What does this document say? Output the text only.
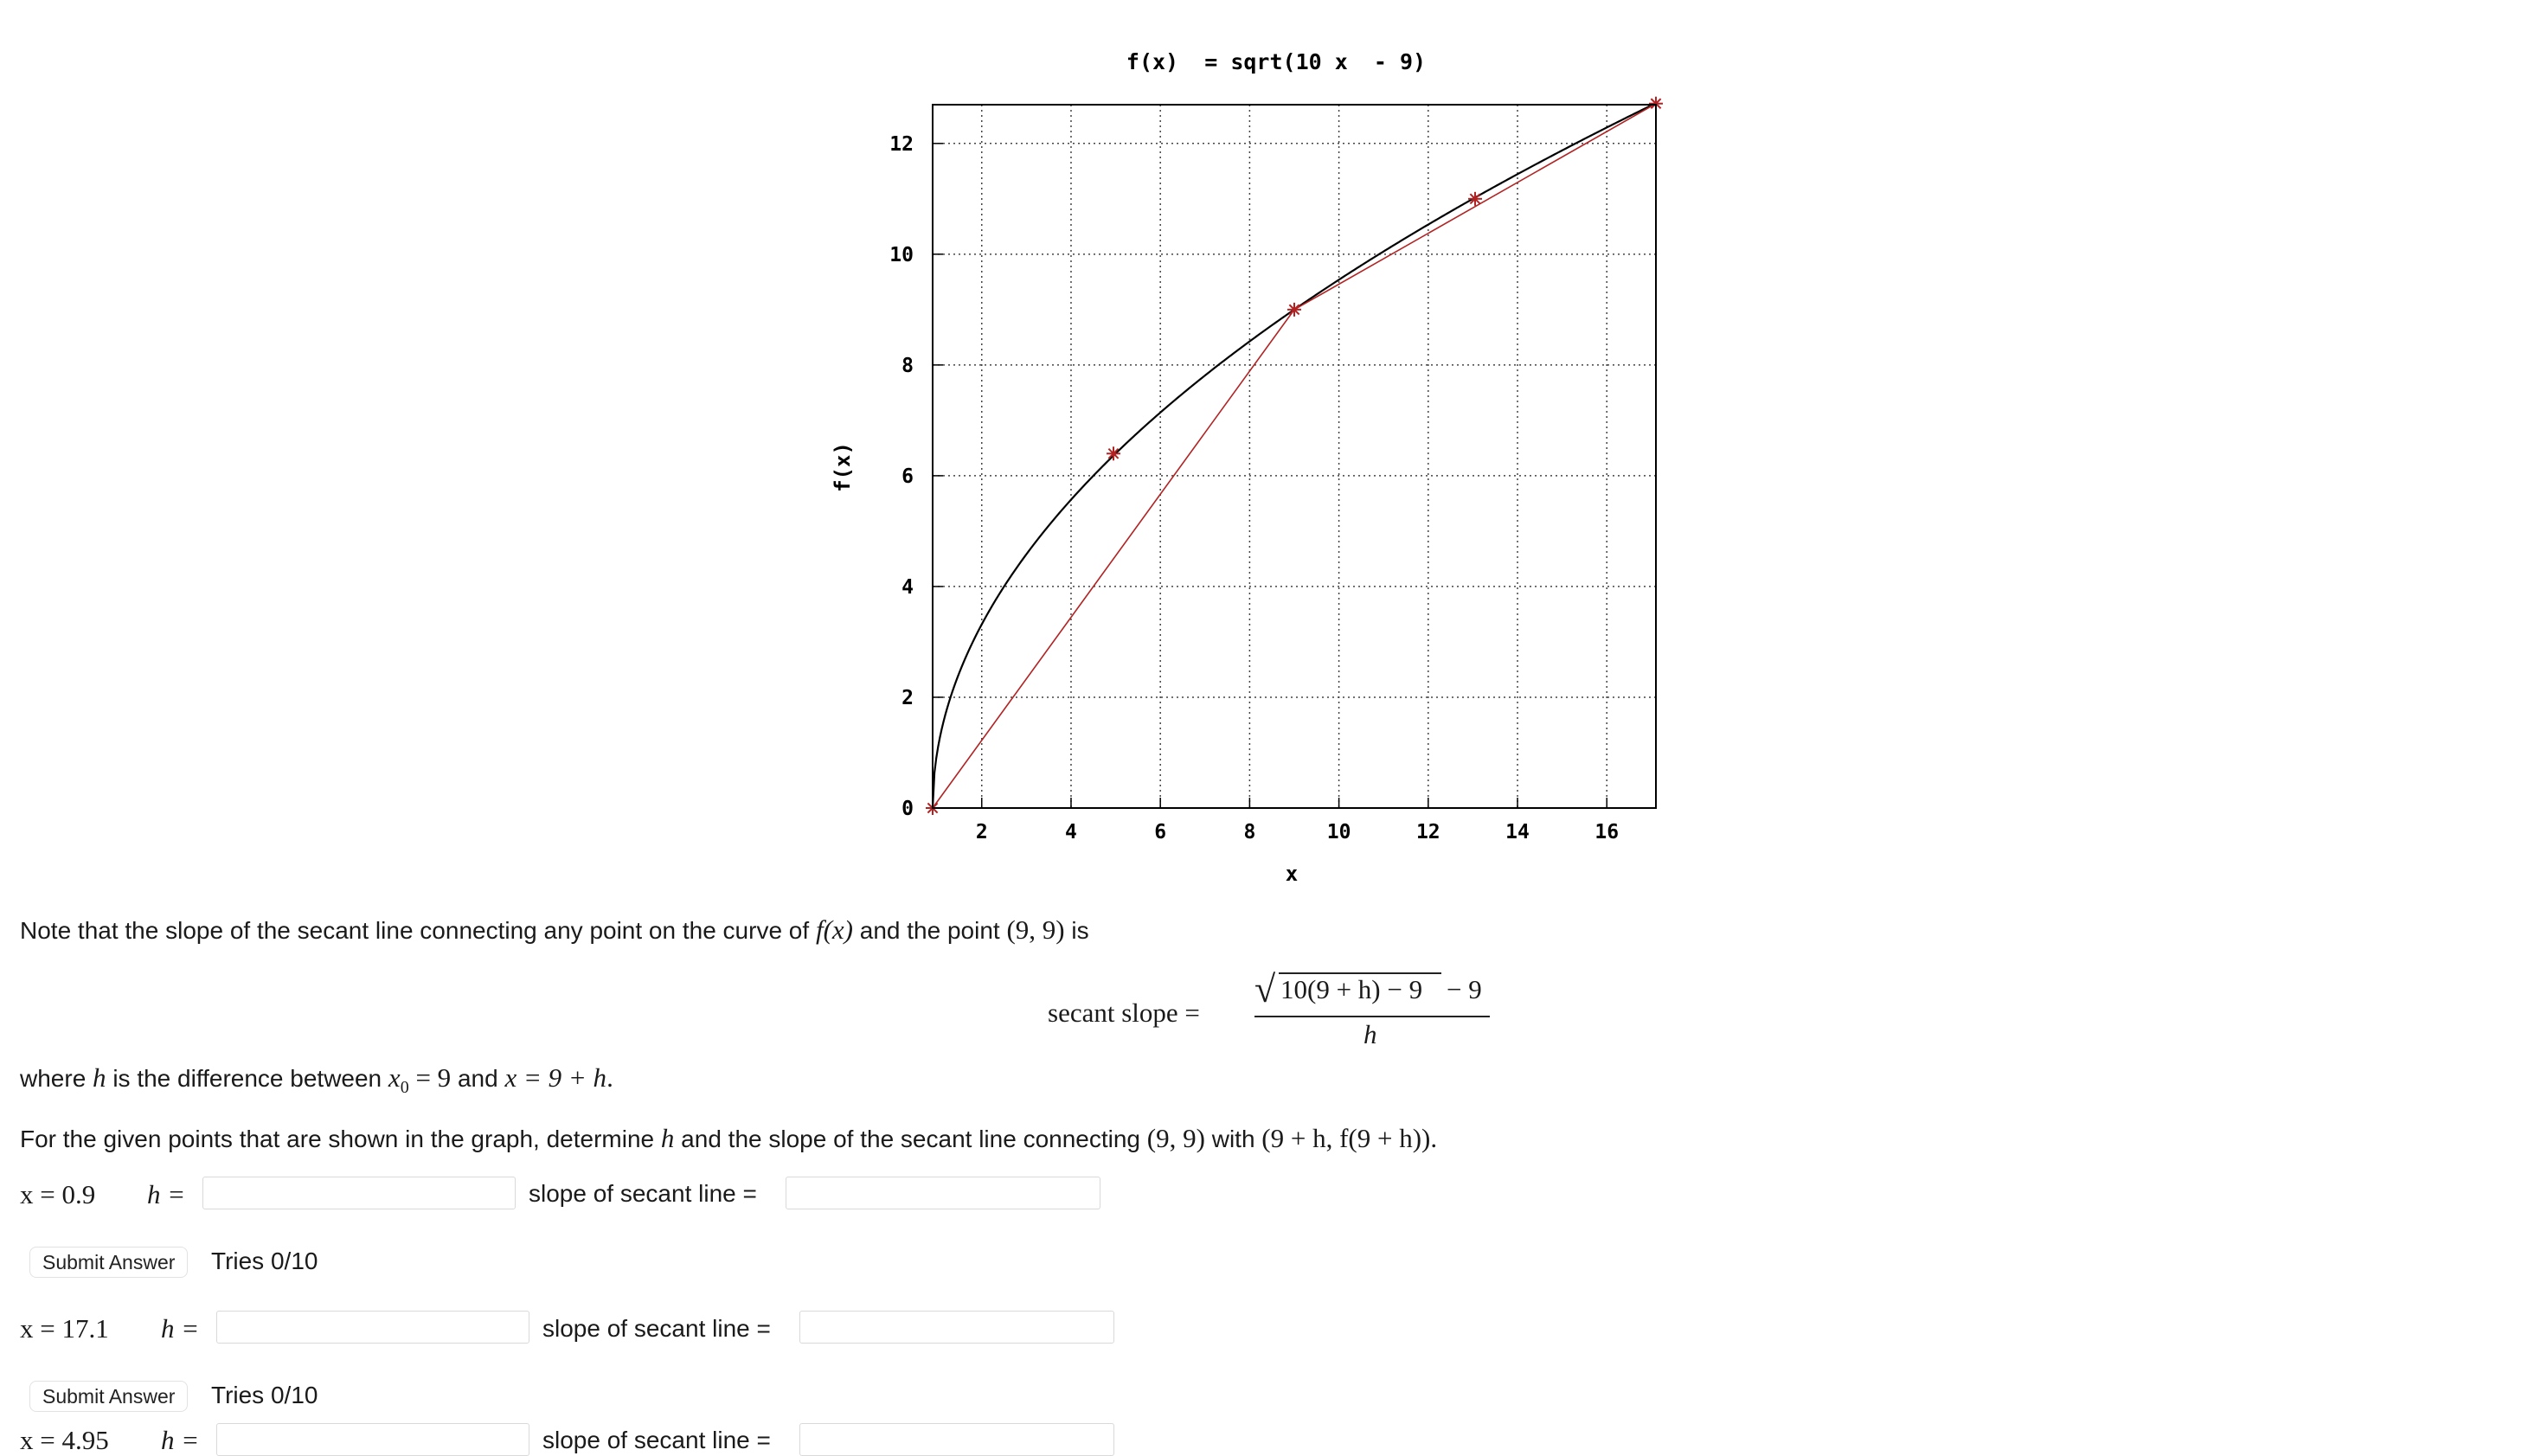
f(x)  = sqrt(10 x  - 9)
f(x)
x
2	4	6	8	10	12	14	16
0
2
4
6
8
10
12
Note that the slope of the secant line connecting any point on the curve of f(x) and the point (9, 9) is
secant slope =
√ 10(9 + h) − 9 − 9
h
where h is the difference between $x_0 = 9$ and x = 9 + h.
For the given points that are shown in the graph, determine h and the slope of the secant line connecting (9, 9) with (9 + h, f(9 + h)).
x = 0.9 h =	slope of secant line =
Submit Answer	Tries 0/10
x = 17.1 h =	slope of secant line =
Submit Answer	Tries 0/10
x = 4.95 h =	slope of secant line =
